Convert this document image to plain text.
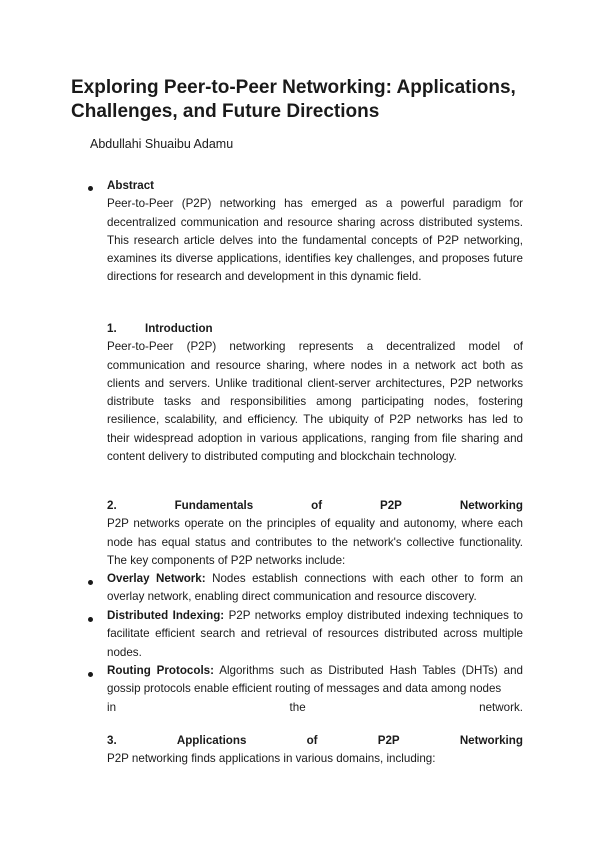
Exploring Peer-to-Peer Networking: Applications, Challenges, and Future Directions
Abdullahi Shuaibu Adamu
Abstract
Peer-to-Peer (P2P) networking has emerged as a powerful paradigm for decentralized communication and resource sharing across distributed systems. This research article delves into the fundamental concepts of P2P networking, examines its diverse applications, identifies key challenges, and proposes future directions for research and development in this dynamic field.
1. Introduction
Peer-to-Peer (P2P) networking represents a decentralized model of communication and resource sharing, where nodes in a network act both as clients and servers. Unlike traditional client-server architectures, P2P networks distribute tasks and responsibilities among participating nodes, fostering resilience, scalability, and efficiency. The ubiquity of P2P networks has led to their widespread adoption in various applications, ranging from file sharing and content delivery to distributed computing and blockchain technology.
2.	Fundamentals	of	P2P	Networking
P2P networks operate on the principles of equality and autonomy, where each node has equal status and contributes to the network's collective functionality. The key components of P2P networks include:
Overlay Network: Nodes establish connections with each other to form an overlay network, enabling direct communication and resource discovery.
Distributed Indexing: P2P networks employ distributed indexing techniques to facilitate efficient search and retrieval of resources distributed across multiple nodes.
Routing Protocols: Algorithms such as Distributed Hash Tables (DHTs) and gossip protocols enable efficient routing of messages and data among nodes
in	the	network.
3.	Applications	of	P2P	Networking
P2P networking finds applications in various domains, including:
